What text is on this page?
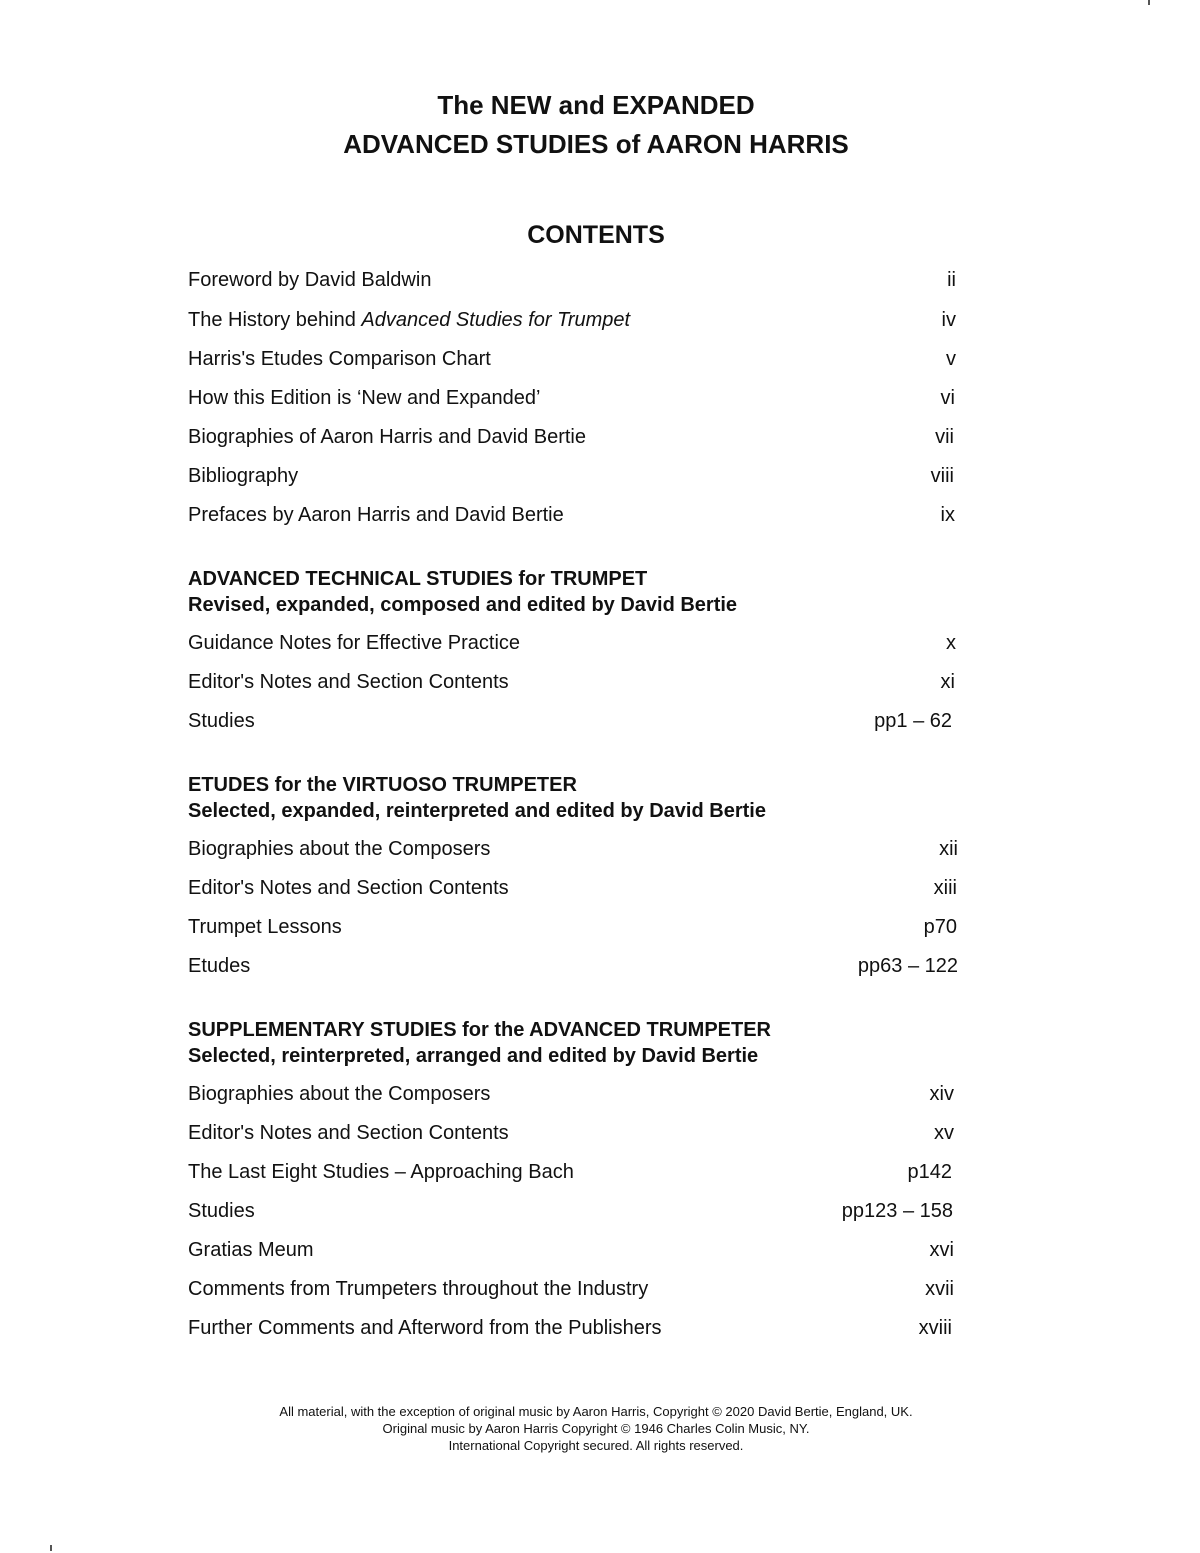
The NEW and EXPANDED
ADVANCED STUDIES of AARON HARRIS
CONTENTS
Foreword by David Baldwin	ii
The History behind Advanced Studies for Trumpet	iv
Harris's Etudes Comparison Chart	v
How this Edition is ‘New and Expanded’	vi
Biographies of Aaron Harris and David Bertie	vii
Bibliography	viii
Prefaces by Aaron Harris and David Bertie	ix
ADVANCED TECHNICAL STUDIES for TRUMPET
Revised, expanded, composed and edited by David Bertie
Guidance Notes for Effective Practice	x
Editor's Notes and Section Contents	xi
Studies	pp1 – 62
ETUDES for the VIRTUOSO TRUMPETER
Selected, expanded, reinterpreted and edited by David Bertie
Biographies about the Composers	xii
Editor's Notes and Section Contents	xiii
Trumpet Lessons	p70
Etudes	pp63 – 122
SUPPLEMENTARY STUDIES for the ADVANCED TRUMPETER
Selected, reinterpreted, arranged and edited by David Bertie
Biographies about the Composers	xiv
Editor's Notes and Section Contents	xv
The Last Eight Studies – Approaching Bach	p142
Studies	pp123 – 158
Gratias Meum	xvi
Comments from Trumpeters throughout the Industry	xvii
Further Comments and Afterword from the Publishers	xviii
All material, with the exception of original music by Aaron Harris, Copyright © 2020 David Bertie, England, UK.
Original music by Aaron Harris Copyright © 1946 Charles Colin Music, NY.
International Copyright secured. All rights reserved.
